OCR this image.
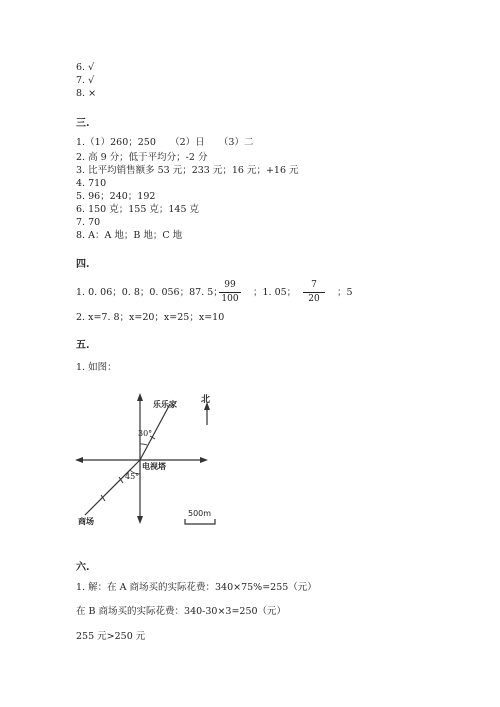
6. √
7. √
8. ×
三.
1.（1）260；250　　（2）日　　（3）二
2. 高 9 分；低于平均分；-2 分
3. 比平均销售额多 53 元；233 元；16 元；+16 元
4. 710
5. 96；240；192
6. 150 克；155 克；145 克
7. 70
8. A：A 地；B 地；C 地
四.
1. 0. 06；0. 8；0. 056；87. 5；
99
100
；1. 05；
7
20
；5
2. x=7. 8；x=20；x=25；x=10
五.
1. 如图：
北
乐乐家
电视塔
商场
30°
45°
500m
六.
1. 解：在 A 商场买的实际花费：340×75%=255（元）
在 B 商场买的实际花费：340-30×3=250（元）
255 元>250 元
